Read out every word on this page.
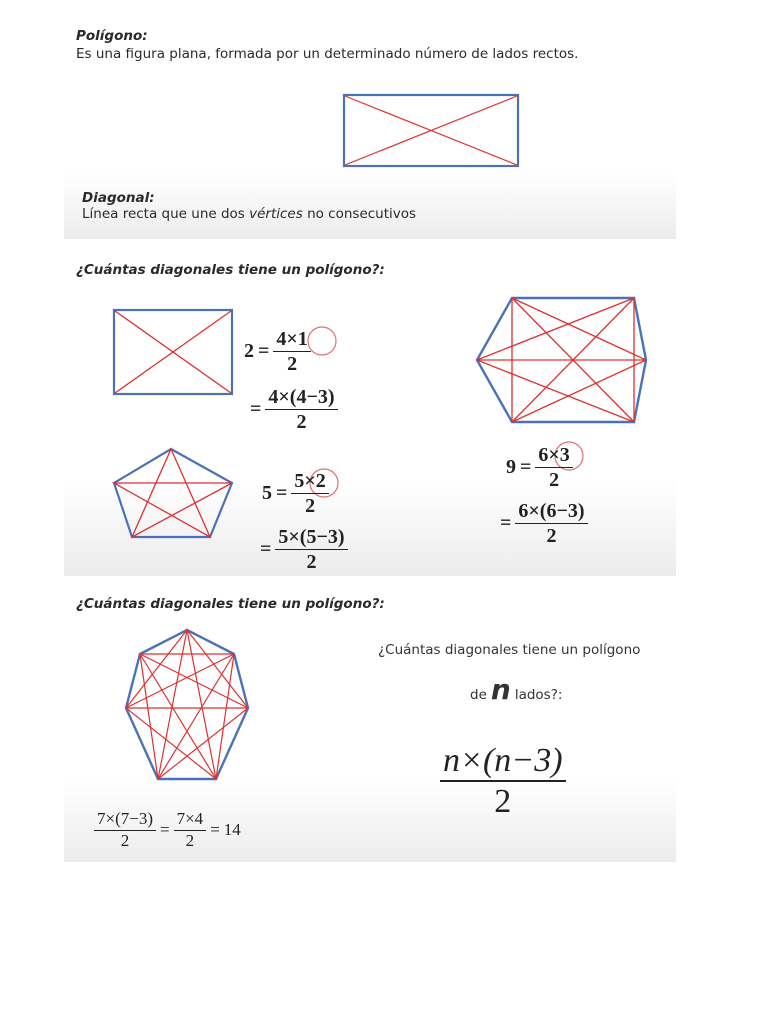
Polígono:
Es una figura plana, formada por un determinado número de lados rectos.
Diagonal:
Línea recta que une dos vértices no consecutivos
¿Cuántas diagonales tiene un polígono?:
$2 = \frac{4\times 1}{2}$
= $\frac{4\times(4-3)}{2}$
$5 = \frac{5\times 2}{2}$
= $\frac{5\times(5-3)}{2}$
$9 = \frac{6\times 3}{2}$
= $\frac{6\times(6-3)}{2}$
¿Cuántas diagonales tiene un polígono?:
$\frac{7\times(7-3)}{2} = \frac{7\times 4}{2} = 14$
¿Cuántas diagonales tiene un polígono
de n lados?:
$\frac{n\times(n-3)}{2}$
